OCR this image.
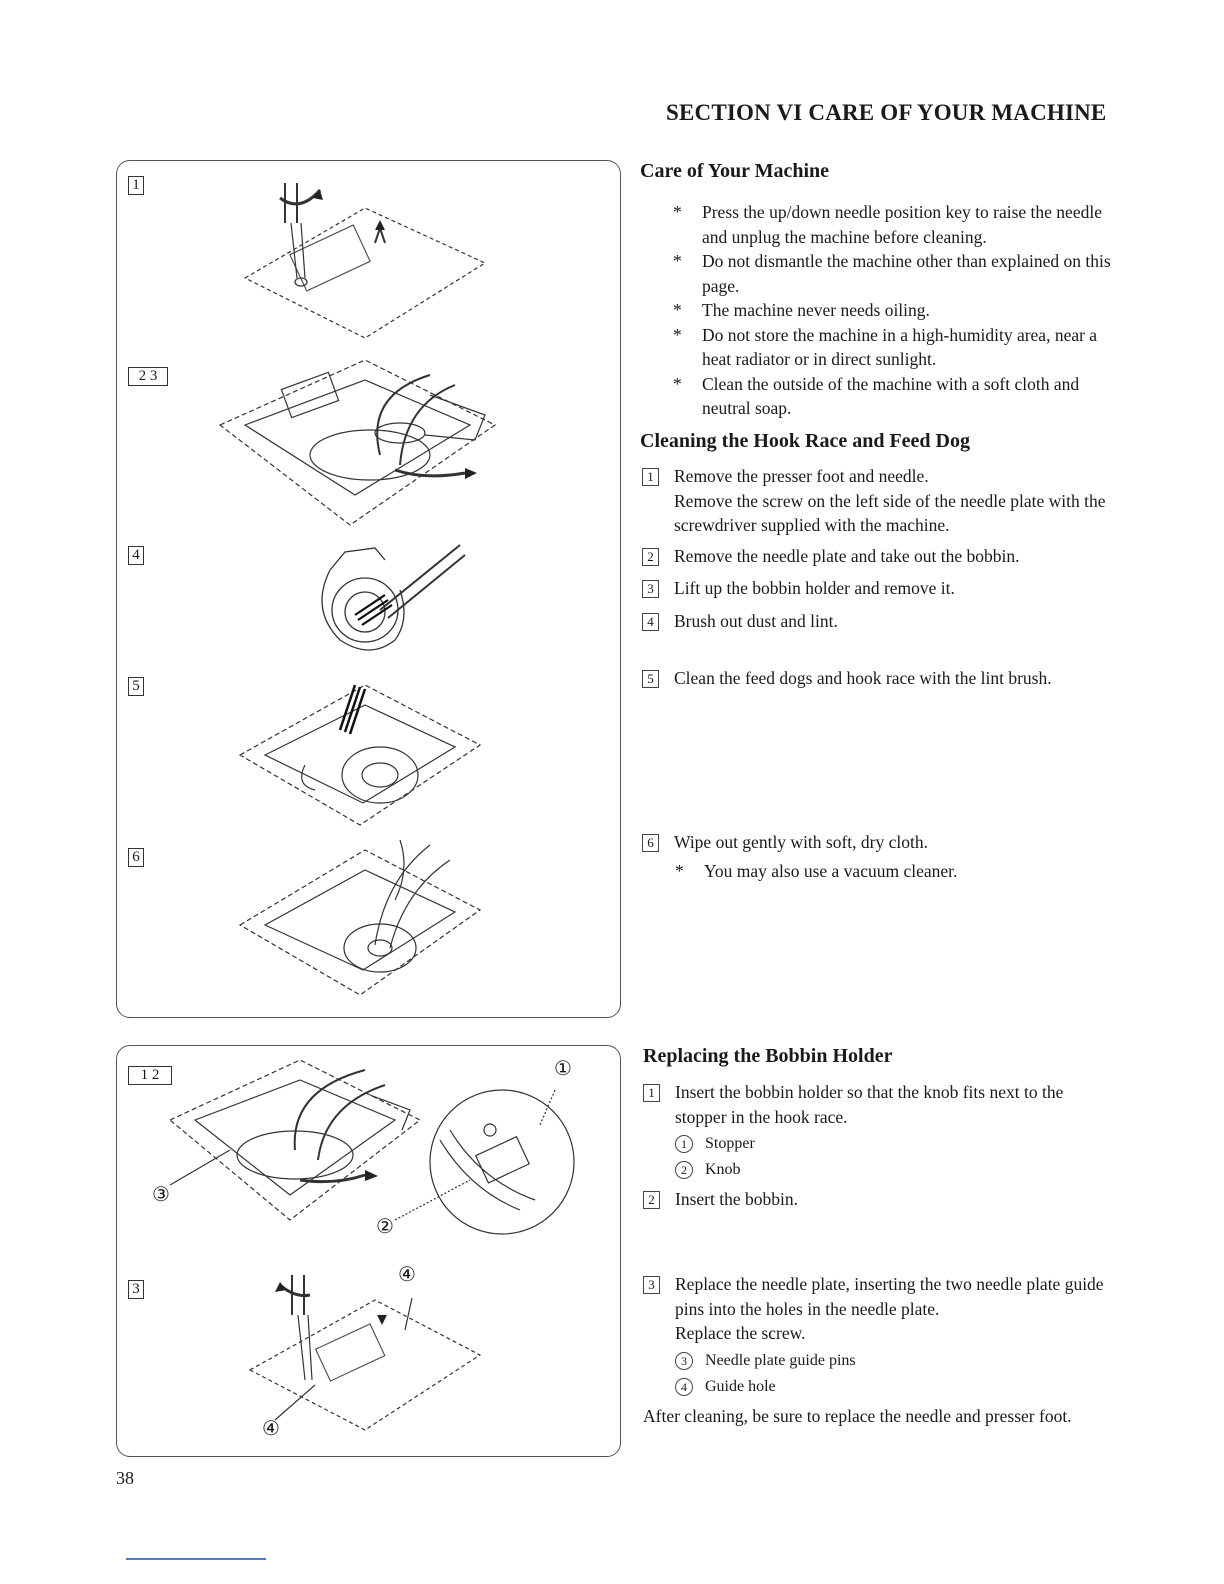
SECTION VI CARE OF YOUR MACHINE
1
2 3
4
5
6
1 2
3
①
②
③
④
④
38
Care of Your Machine
* Press the up/down needle position key to raise the needle and unplug the machine before cleaning.
* Do not dismantle the machine other than explained on this page.
* The machine never needs oiling.
* Do not store the machine in a high-humidity area, near a heat radiator or in direct sunlight.
* Clean the outside of the machine with a soft cloth and neutral soap.
Cleaning the Hook Race and Feed Dog
1	Remove the presser foot and needle.
Remove the screw on the left side of the needle plate with the screwdriver supplied with the machine.
2	Remove the needle plate and take out the bobbin.
3	Lift up the bobbin holder and remove it.
4	Brush out dust and lint.
5	Clean the feed dogs and hook race with the lint brush.
6	Wipe out gently with soft, dry cloth.
* You may also use a vacuum cleaner.
Replacing the Bobbin Holder
1	Insert the bobbin holder so that the knob fits next to the stopper in the hook race.
1	Stopper
2	Knob
2	Insert the bobbin.
3	Replace the needle plate, inserting the two needle plate guide pins into the holes in the needle plate.
Replace the screw.
3	Needle plate guide pins
4	Guide hole
After cleaning, be sure to replace the needle and presser foot.
